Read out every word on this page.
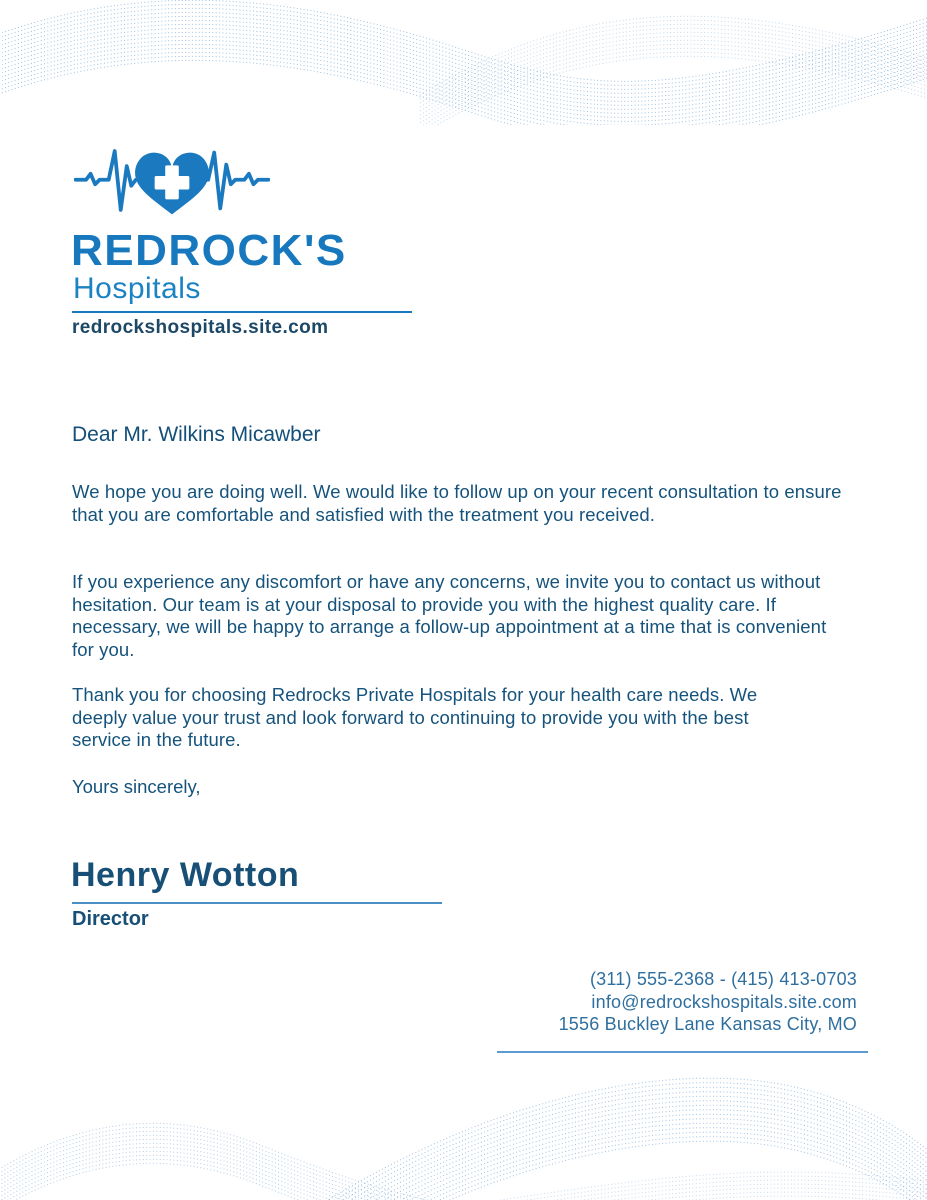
REDROCK'S
Hospitals
redrockshospitals.site.com

Dear Mr. Wilkins Micawber

We hope you are doing well. We would like to follow up on your recent consultation to ensure that you are comfortable and satisfied with the treatment you received.

If you experience any discomfort or have any concerns, we invite you to contact us without hesitation. Our team is at your disposal to provide you with the highest quality care. If necessary, we will be happy to arrange a follow-up appointment at a time that is convenient for you.

Thank you for choosing Redrocks Private Hospitals for your health care needs. We deeply value your trust and look forward to continuing to provide you with the best service in the future.

Yours sincerely,

Henry Wotton

Director

(311) 555-2368 - (415) 413-0703
info@redrockshospitals.site.com
1556 Buckley Lane Kansas City, MO
